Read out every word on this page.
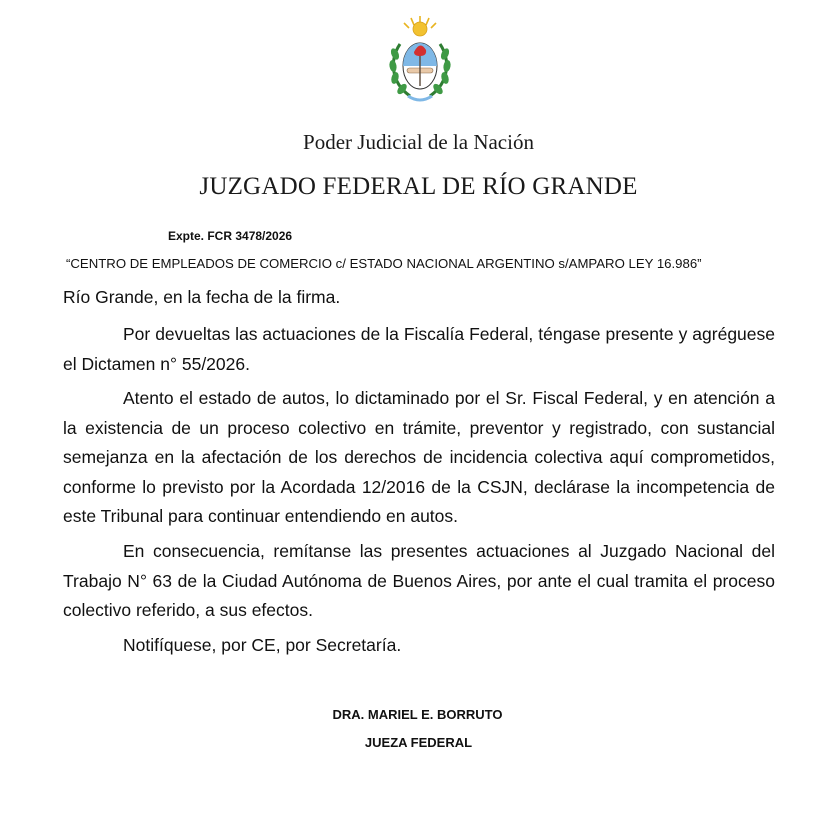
Poder Judicial de la Nación
JUZGADO FEDERAL DE RÍO GRANDE
Expte. FCR 3478/2026
“CENTRO DE EMPLEADOS DE COMERCIO c/ ESTADO NACIONAL ARGENTINO s/AMPARO LEY 16.986”

Río Grande, en la fecha de la firma.

Por devueltas las actuaciones de la Fiscalía Federal, téngase presente y agréguese el Dictamen n° 55/2026.

Atento el estado de autos, lo dictaminado por el Sr. Fiscal Federal, y en atención a la existencia de un proceso colectivo en trámite, preventor y registrado, con sustancial semejanza en la afectación de los derechos de incidencia colectiva aquí comprometidos, conforme lo previsto por la Acordada 12/2016 de la CSJN, declárase la incompetencia de este Tribunal para continuar entendiendo en autos.

En consecuencia, remítanse las presentes actuaciones al Juzgado Nacional del Trabajo N° 63 de la Ciudad Autónoma de Buenos Aires, por ante el cual tramita el proceso colectivo referido, a sus efectos.

Notifíquese, por CE, por Secretaría.

DRA. MARIEL E. BORRUTO
JUEZA FEDERAL
